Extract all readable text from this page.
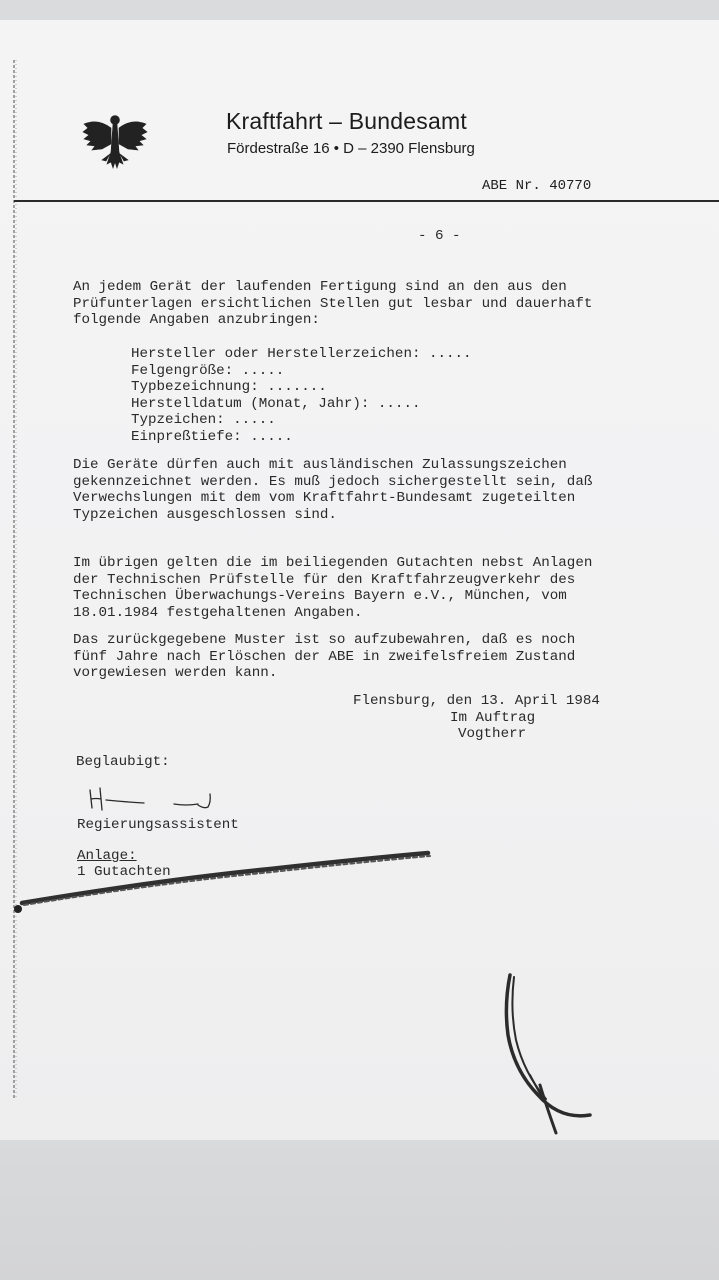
Kraftfahrt – Bundesamt
Fördestraße 16 • D – 2390 Flensburg
ABE Nr. 40770
- 6 -
An jedem Gerät der laufenden Fertigung sind an den aus den
Prüfunterlagen ersichtlichen Stellen gut lesbar und dauerhaft
folgende Angaben anzubringen:
Hersteller oder Herstellerzeichen: .....
Felgengröße: .....
Typbezeichnung: .......
Herstelldatum (Monat, Jahr): .....
Typzeichen: .....
Einpreßtiefe: .....
Die Geräte dürfen auch mit ausländischen Zulassungszeichen
gekennzeichnet werden. Es muß jedoch sichergestellt sein, daß
Verwechslungen mit dem vom Kraftfahrt-Bundesamt zugeteilten
Typzeichen ausgeschlossen sind.
Im übrigen gelten die im beiliegenden Gutachten nebst Anlagen
der Technischen Prüfstelle für den Kraftfahrzeugverkehr des
Technischen Überwachungs-Vereins Bayern e.V., München, vom
18.01.1984 festgehaltenen Angaben.
Das zurückgegebene Muster ist so aufzubewahren, daß es noch
fünf Jahre nach Erlöschen der ABE in zweifelsfreiem Zustand
vorgewiesen werden kann.
Flensburg, den 13. April 1984
Im Auftrag
Vogtherr
Beglaubigt:
Regierungsassistent
Anlage:
1 Gutachten
